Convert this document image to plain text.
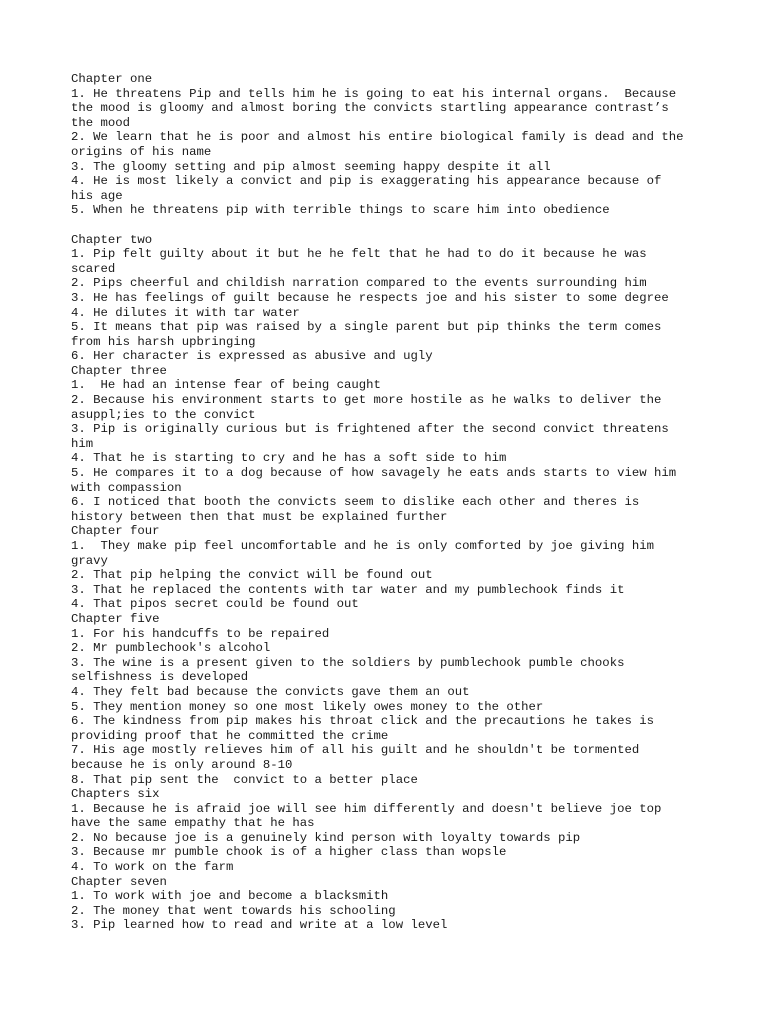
Chapter one
1. He threatens Pip and tells him he is going to eat his internal organs.  Because
the mood is gloomy and almost boring the convicts startling appearance contrast’s
the mood
2. We learn that he is poor and almost his entire biological family is dead and the
origins of his name
3. The gloomy setting and pip almost seeming happy despite it all
4. He is most likely a convict and pip is exaggerating his appearance because of
his age
5. When he threatens pip with terrible things to scare him into obedience
Chapter two
1. Pip felt guilty about it but he he felt that he had to do it because he was
scared
2. Pips cheerful and childish narration compared to the events surrounding him
3. He has feelings of guilt because he respects joe and his sister to some degree
4. He dilutes it with tar water
5. It means that pip was raised by a single parent but pip thinks the term comes
from his harsh upbringing
6. Her character is expressed as abusive and ugly
Chapter three
1.  He had an intense fear of being caught
2. Because his environment starts to get more hostile as he walks to deliver the
asuppl;ies to the convict
3. Pip is originally curious but is frightened after the second convict threatens
him
4. That he is starting to cry and he has a soft side to him
5. He compares it to a dog because of how savagely he eats ands starts to view him
with compassion
6. I noticed that booth the convicts seem to dislike each other and theres is
history between then that must be explained further
Chapter four
1.  They make pip feel uncomfortable and he is only comforted by joe giving him
gravy
2. That pip helping the convict will be found out
3. That he replaced the contents with tar water and my pumblechook finds it
4. That pipos secret could be found out
Chapter five
1. For his handcuffs to be repaired
2. Mr pumblechook's alcohol
3. The wine is a present given to the soldiers by pumblechook pumble chooks
selfishness is developed
4. They felt bad because the convicts gave them an out
5. They mention money so one most likely owes money to the other
6. The kindness from pip makes his throat click and the precautions he takes is
providing proof that he committed the crime
7. His age mostly relieves him of all his guilt and he shouldn't be tormented
because he is only around 8-10
8. That pip sent the  convict to a better place
Chapters six
1. Because he is afraid joe will see him differently and doesn't believe joe top
have the same empathy that he has
2. No because joe is a genuinely kind person with loyalty towards pip
3. Because mr pumble chook is of a higher class than wopsle
4. To work on the farm
Chapter seven
1. To work with joe and become a blacksmith
2. The money that went towards his schooling
3. Pip learned how to read and write at a low level
